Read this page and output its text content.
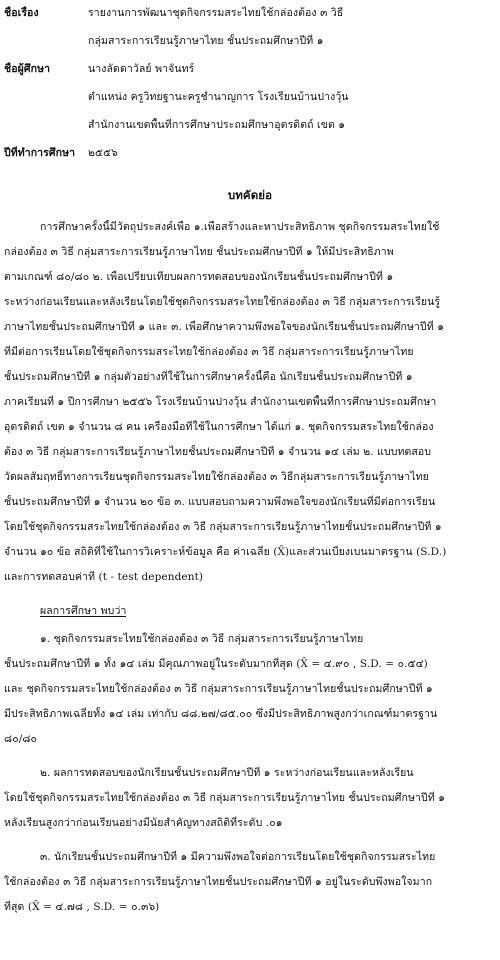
ชื่อเรื่อง	รายงานการพัฒนาชุดกิจกรรมสระไทยใช้กล่องต้อง ๓ วิธี
กลุ่มสาระการเรียนรู้ภาษาไทย ชั้นประถมศึกษาปีที่ ๑
ชื่อผู้ศึกษา	นางลัดดาวัลย์ พาจันทร์
ตำแหน่ง ครูวิทยฐานะครูชำนาญการ โรงเรียนบ้านปางวุ้น
สำนักงานเขตพื้นที่การศึกษาประถมศึกษาอุตรดิตถ์ เขต ๑
ปีที่ทำการศึกษา ๒๕๕๖
บทคัดย่อ
การศึกษาครั้งนี้มีวัตถุประสงค์เพื่อ ๑.เพื่อสร้างและหาประสิทธิภาพ ชุดกิจกรรมสระไทยใช้
กล่องต้อง ๓ วิธี กลุ่มสาระการเรียนรู้ภาษาไทย ชั้นประถมศึกษาปีที่ ๑ ให้มีประสิทธิภาพ
ตามเกณฑ์ ๘๐/๘๐ ๒. เพื่อเปรียบเทียบผลการทดสอบของนักเรียนชั้นประถมศึกษาปีที่ ๑
ระหว่างก่อนเรียนและหลังเรียนโดยใช้ชุดกิจกรรมสระไทยใช้กล่องต้อง ๓ วิธี กลุ่มสาระการเรียนรู้
ภาษาไทยชั้นประถมศึกษาปีที่ ๑ และ ๓. เพื่อศึกษาความพึงพอใจของนักเรียนชั้นประถมศึกษาปีที่ ๑
ที่มีต่อการเรียนโดยใช้ชุดกิจกรรมสระไทยใช้กล่องต้อง ๓ วิธี กลุ่มสาระการเรียนรู้ภาษาไทย
ชั้นประถมศึกษาปีที่ ๑ กลุ่มตัวอย่างที่ใช้ในการศึกษาครั้งนี้คือ นักเรียนชั้นประถมศึกษาปีที่ ๑
ภาคเรียนที่ ๑ ปีการศึกษา ๒๕๕๖ โรงเรียนบ้านปางวุ้น สำนักงานเขตพื้นที่การศึกษาประถมศึกษา
อุตรดิตถ์ เขต ๑ จำนวน ๘ คน เครื่องมือที่ใช้ในการศึกษา ได้แก่ ๑. ชุดกิจกรรมสระไทยใช้กล่อง
ต้อง ๓ วิธี กลุ่มสาระการเรียนรู้ภาษาไทยชั้นประถมศึกษาปีที่ ๑ จำนวน ๑๔ เล่ม ๒. แบบทดสอบ
วัดผลสัมฤทธิ์ทางการเรียนชุดกิจกรรมสระไทยใช้กล่องต้อง ๓ วิธีกลุ่มสาระการเรียนรู้ภาษาไทย
ชั้นประถมศึกษาปีที่ ๑ จำนวน ๒๐ ข้อ ๓. แบบสอบถามความพึงพอใจของนักเรียนที่มีต่อการเรียน
โดยใช้ชุดกิจกรรมสระไทยใช้กล่องต้อง ๓ วิธี กลุ่มสาระการเรียนรู้ภาษาไทยชั้นประถมศึกษาปีที่ ๑
จำนวน ๑๐ ข้อ สถิติที่ใช้ในการวิเคราะห์ข้อมูล คือ ค่าเฉลี่ย (X̄)และส่วนเบี่ยงเบนมาตรฐาน (S.D.)
และการทดสอบค่าที (t - test dependent)
ผลการศึกษา พบว่า
๑. ชุดกิจกรรมสระไทยใช้กล่องต้อง ๓ วิธี กลุ่มสาระการเรียนรู้ภาษาไทย
ชั้นประถมศึกษาปีที่ ๑ ทั้ง ๑๔ เล่ม มีคุณภาพอยู่ในระดับมากที่สุด (X̄ = ๔.๙๐ , S.D. = ๐.๕๔)
และ ชุดกิจกรรมสระไทยใช้กล่องต้อง ๓ วิธี กลุ่มสาระการเรียนรู้ภาษาไทยชั้นประถมศึกษาปีที่ ๑
มีประสิทธิภาพเฉลี่ยทั้ง ๑๔ เล่ม เท่ากับ ๘๘.๒๗/๘๕.๐๐ ซึ่งมีประสิทธิภาพสูงกว่าเกณฑ์มาตรฐาน
๘๐/๘๐
๒. ผลการทดสอบของนักเรียนชั้นประถมศึกษาปีที่ ๑ ระหว่างก่อนเรียนและหลังเรียน
โดยใช้ชุดกิจกรรมสระไทยใช้กล่องต้อง ๓ วิธี กลุ่มสาระการเรียนรู้ภาษาไทย ชั้นประถมศึกษาปีที่ ๑
หลังเรียนสูงกว่าก่อนเรียนอย่างมีนัยสำคัญทางสถิติที่ระดับ .๐๑
๓. นักเรียนชั้นประถมศึกษาปีที่ ๑ มีความพึงพอใจต่อการเรียนโดยใช้ชุดกิจกรรมสระไทย
ใช้กล่องต้อง ๓ วิธี กลุ่มสาระการเรียนรู้ภาษาไทยชั้นประถมศึกษาปีที่ ๑ อยู่ในระดับพึงพอใจมาก
ที่สุด (X̄ = ๔.๗๘ , S.D. = ๐.๓๖)
